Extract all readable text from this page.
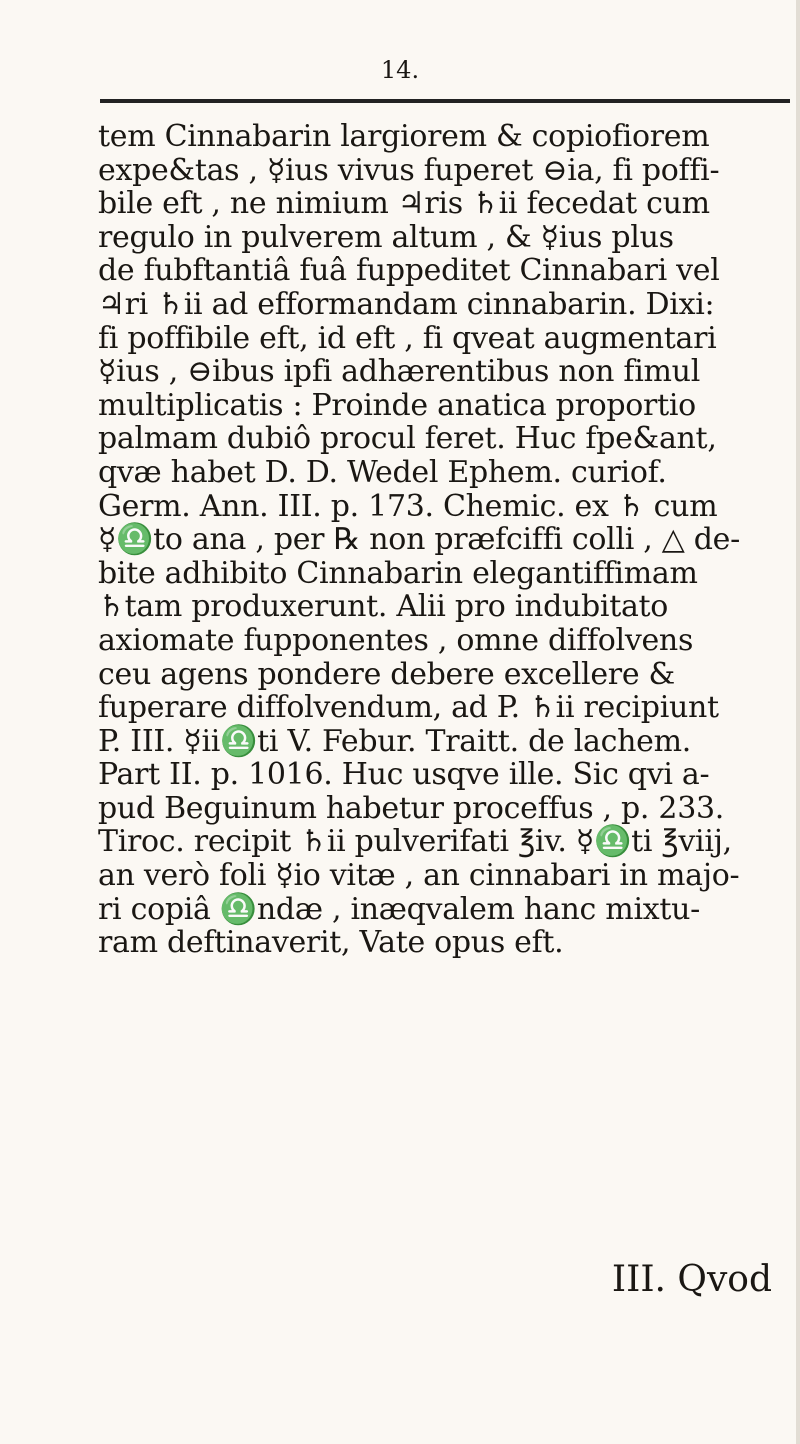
14.
tem Cinnabarin largiorem & copiofiorem
expe&tas , ☿ius vivus fuperet ⊖ia, fi poffi-
bile eft , ne nimium ♃ris ♄ii fecedat cum
regulo in pulverem altum , & ☿ius plus
de fubftantiâ fuâ fuppeditet Cinnabari vel
♃ri ♄ii ad efformandam cinnabarin. Dixi:
fi poffibile eft, id eft , fi qveat augmentari
☿ius , ⊖ibus ipfi adhærentibus non fimul
multiplicatis : Proinde anatica proportio
palmam dubiô procul feret. Huc fpe&ant,
qvæ habet D. D. Wedel Ephem. curiof.
Germ. Ann. III. p. 173. Chemic. ex ♄ cum
☿♎to ana , per ℞ non præfciffi colli , △ de-
bite adhibito Cinnabarin elegantiffimam
♄tam produxerunt. Alii pro indubitato
axiomate fupponentes , omne diffolvens
ceu agens pondere debere excellere &
fuperare diffolvendum, ad P. ♄ii recipiunt
P. III. ☿ii♎ti V. Febur. Traitt. de lachem.
Part II. p. 1016. Huc usqve ille. Sic qvi a-
pud Beguinum habetur proceffus , p. 233.
Tiroc. recipit ♄ii pulverifati ℥iv. ☿♎ti ℥viij,
an verò foli ☿io vitæ , an cinnabari in majo-
ri copiâ ♎ndæ , inæqvalem hanc mixtu-
ram deftinaverit, Vate opus eft.
III. Qvod
